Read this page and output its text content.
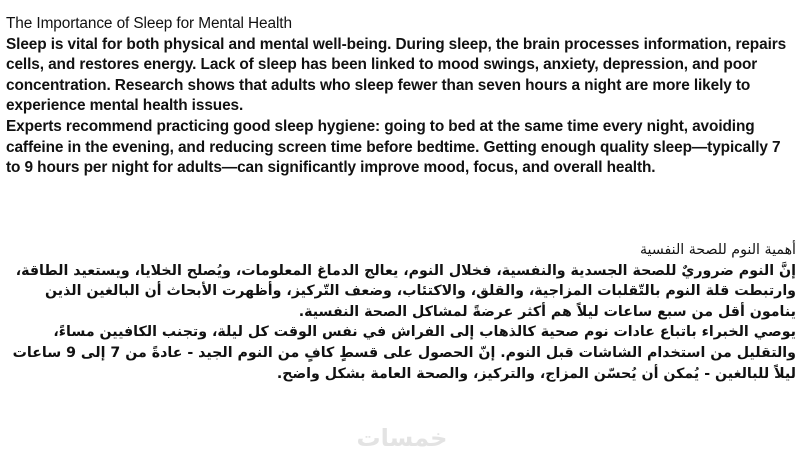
The Importance of Sleep for Mental Health

Sleep is vital for both physical and mental well-being. During sleep, the brain processes information, repairs cells, and restores energy. Lack of sleep has been linked to mood swings, anxiety, depression, and poor concentration. Research shows that adults who sleep fewer than seven hours a night are more likely to experience mental health issues.

Experts recommend practicing good sleep hygiene: going to bed at the same time every night, avoiding caffeine in the evening, and reducing screen time before bedtime. Getting enough quality sleep—typically 7 to 9 hours per night for adults—can significantly improve mood, focus, and overall health.

أهمية النوم للصحة النفسية

إنَّ النوم ضروريٌ للصحة الجسدية والنفسية، فخلال النوم، يعالج الدماغ المعلومات، ويُصلح الخلايا، ويستعيد الطاقة، وارتبطت قلة النوم بالتّقلبات المزاجية، والقلق، والاكتئاب، وضعف التّركيز، وأظهرت الأبحاث أن البالغين الذين ينامون أقل من سبع ساعات ليلاً هم أكثر عرضةً لمشاكل الصحة النفسية.

يوصي الخبراء باتباع عادات نوم صحية كالذهاب إلى الفراش في نفس الوقت كل ليلة، وتجنب الكافيين مساءً، والتقليل من استخدام الشاشات قبل النوم. إنّ الحصول على قسطٍ كافٍ من النوم الجيد - عادةً من 7 إلى 9 ساعات ليلاً للبالغين - يُمكن أن يُحسّن المزاج، والتركيز، والصحة العامة بشكل واضح.

خمسات
